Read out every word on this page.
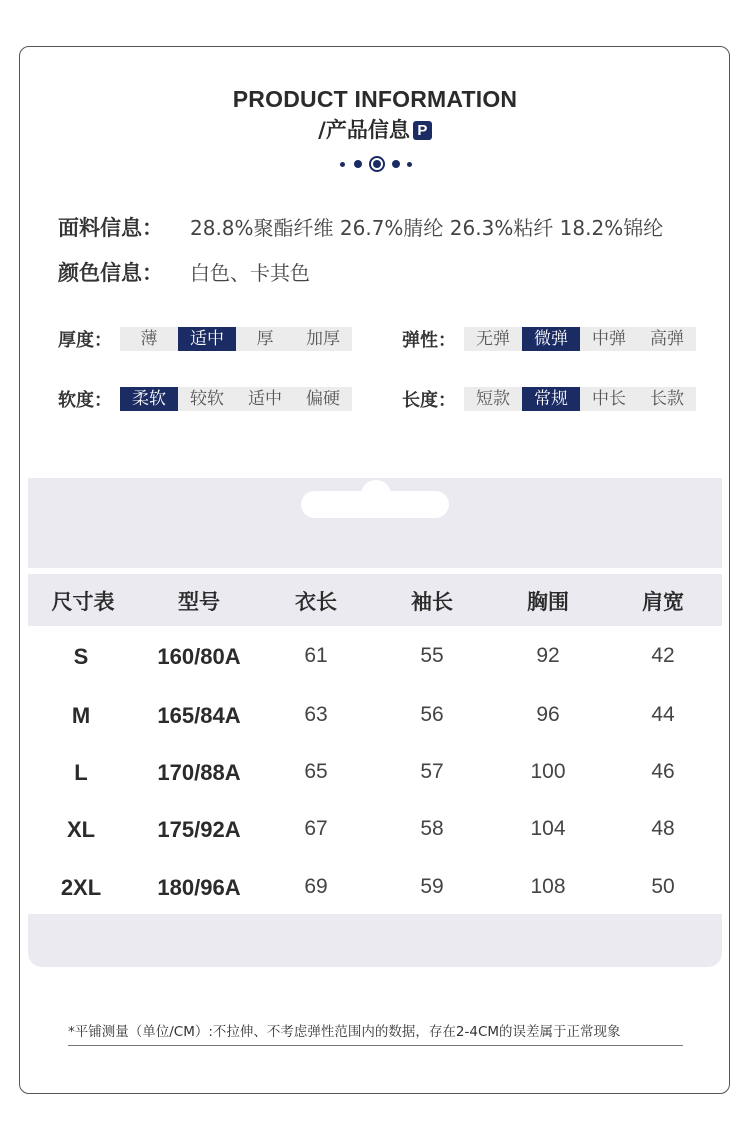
PRODUCT INFORMATION
/产品信息 P
面料信息： 28.8%聚酯纤维 26.7%腈纶 26.3%粘纤 18.2%锦纶
颜色信息： 白色、卡其色
厚度：	薄	适中	厚	加厚	弹性：	无弹	微弹	中弹	高弹
软度：	柔软	较软	适中	偏硬	长度：	短款	常规	中长	长款
尺寸表	型号	衣长	袖长	胸围	肩宽
S	160/80A	61	55	92	42
M	165/84A	63	56	96	44
L	170/88A	65	57	100	46
XL	175/92A	67	58	104	48
2XL	180/96A	69	59	108	50
*平铺测量（单位/CM）:不拉伸、不考虑弹性范围内的数据，存在2-4CM的误差属于正常现象
